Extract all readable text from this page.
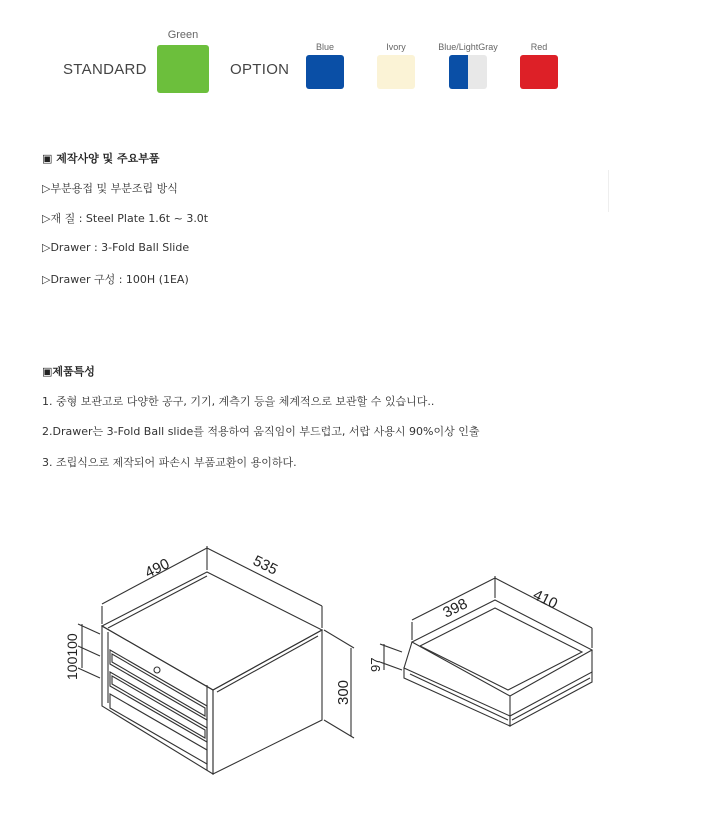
STANDARD
Green
OPTION
Blue	Ivory	Blue/LightGray	Red
▣ 제작사양 및 주요부품
▷부분용접 및 부분조립 방식
▷재 질 : Steel Plate 1.6t ~ 3.0t
▷Drawer : 3-Fold Ball Slide
▷Drawer 구성 : 100H (1EA)
▣제품특성
1. 중형 보관고로 다양한 공구, 기기, 계측기 등을 체계적으로 보관할 수 있습니다..
2.Drawer는 3-Fold Ball slide를 적용하여 움직임이 부드럽고, 서랍 사용시 90%이상 인출
3. 조립식으로 제작되어 파손시 부품교환이 용이하다.
490	535
300
100100
398	410
97
